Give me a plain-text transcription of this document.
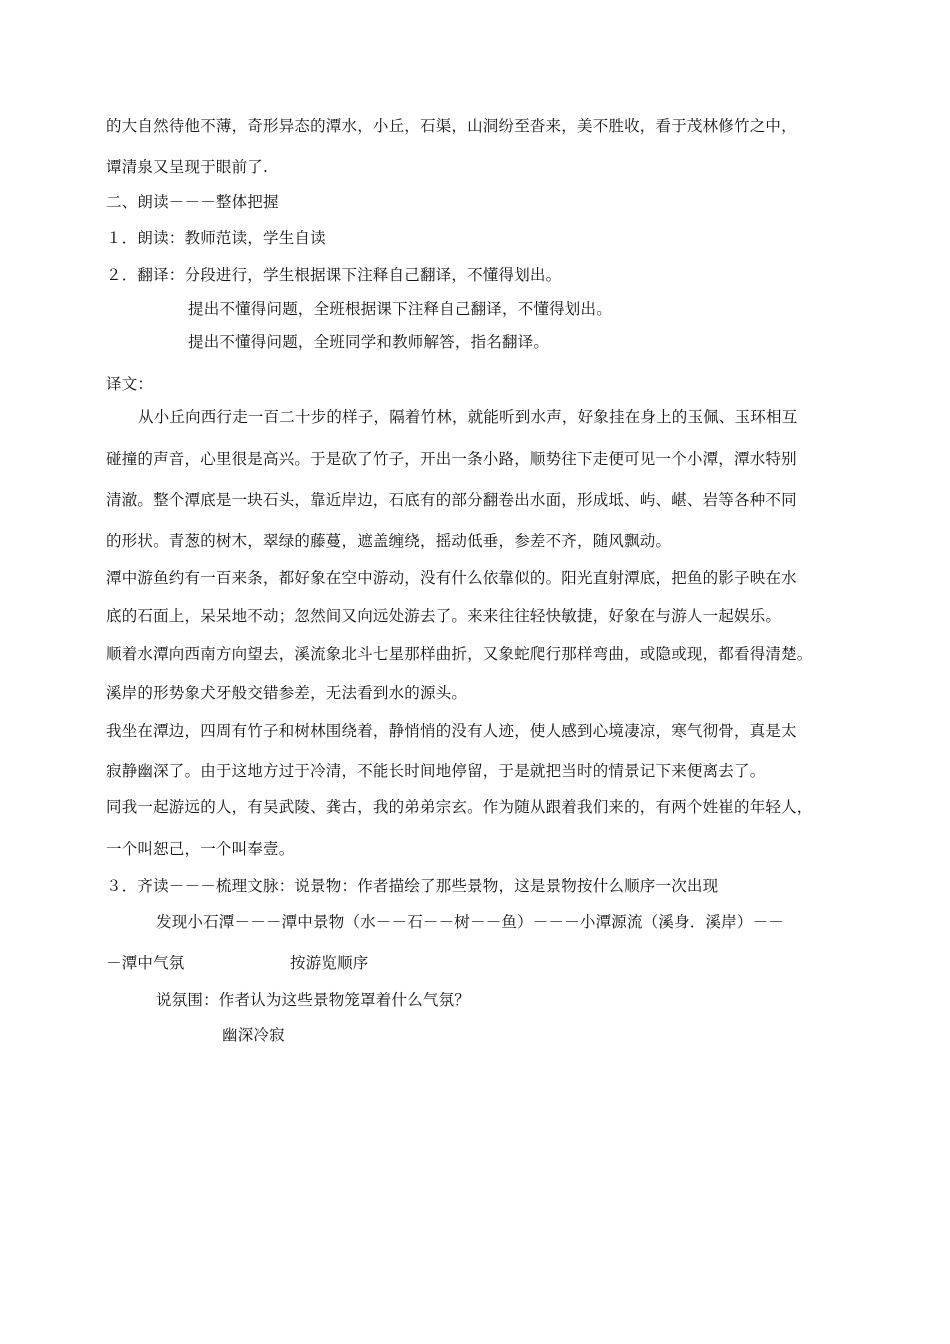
的大自然待他不薄，奇形异态的潭水，小丘，石渠，山洞纷至沓来，美不胜收，看于茂林修竹之中，
谭清泉又呈现于眼前了.
二、朗读－－－整体把握
１．朗读：教师范读，学生自读
２．翻译：分段进行，学生根据课下注释自己翻译，不懂得划出。
提出不懂得问题，全班根据课下注释自己翻译，不懂得划出。
提出不懂得问题，全班同学和教师解答，指名翻译。
译文：
从小丘向西行走一百二十步的样子，隔着竹林，就能听到水声，好象挂在身上的玉佩、玉环相互
碰撞的声音，心里很是高兴。于是砍了竹子，开出一条小路，顺势往下走便可见一个小潭，潭水特别
清澈。整个潭底是一块石头，靠近岸边，石底有的部分翻卷出水面，形成坻、屿、嵁、岩等各种不同
的形状。青葱的树木，翠绿的藤蔓，遮盖缠绕，摇动低垂，参差不齐，随风飘动。
潭中游鱼约有一百来条，都好象在空中游动，没有什么依靠似的。阳光直射潭底，把鱼的影子映在水
底的石面上，呆呆地不动；忽然间又向远处游去了。来来往往轻快敏捷，好象在与游人一起娱乐。
顺着水潭向西南方向望去，溪流象北斗七星那样曲折，又象蛇爬行那样弯曲，或隐或现，都看得清楚。
溪岸的形势象犬牙般交错参差，无法看到水的源头。
我坐在潭边，四周有竹子和树林围绕着，静悄悄的没有人迹，使人感到心境凄凉，寒气彻骨，真是太
寂静幽深了。由于这地方过于冷清，不能长时间地停留，于是就把当时的情景记下来便离去了。
同我一起游远的人，有吴武陵、龚古，我的弟弟宗玄。作为随从跟着我们来的，有两个姓崔的年轻人，
一个叫恕己，一个叫奉壹。
３．齐读－－－梳理文脉：说景物：作者描绘了那些景物，这是景物按什么顺序一次出现
发现小石潭－－－潭中景物（水－－石－－树－－鱼）－－－小潭源流（溪身．溪岸）－－
－潭中气氛	按游览顺序
说氛围：作者认为这些景物笼罩着什么气氛？
幽深冷寂
